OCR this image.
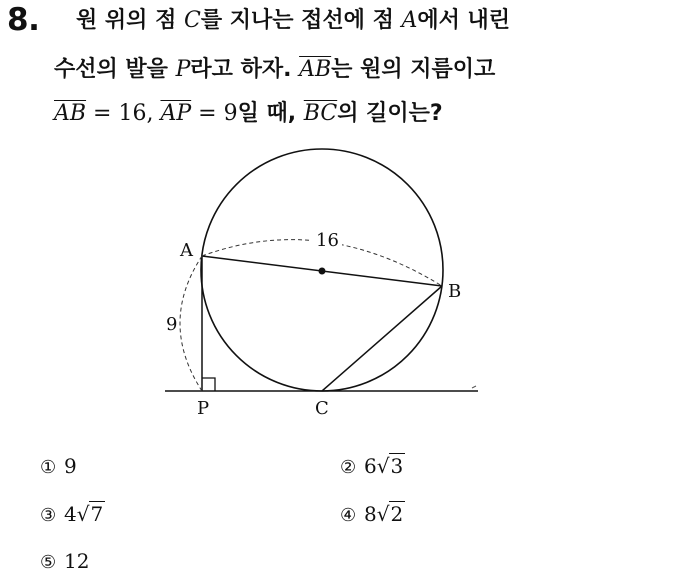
8. 원 위의 점 C를 지나는 접선에 점 A에서 내린
수선의 발을 P라고 하자. $\overline{AB}$는 원의 지름이고
$\overline{AB} = 16$, $\overline{AP} = 9$일 때, $\overline{BC}$의 길이는?
A
B
C
P
16
9
① 9	② 6√3
③ 4√7	④ 8√2
⑤ 12
